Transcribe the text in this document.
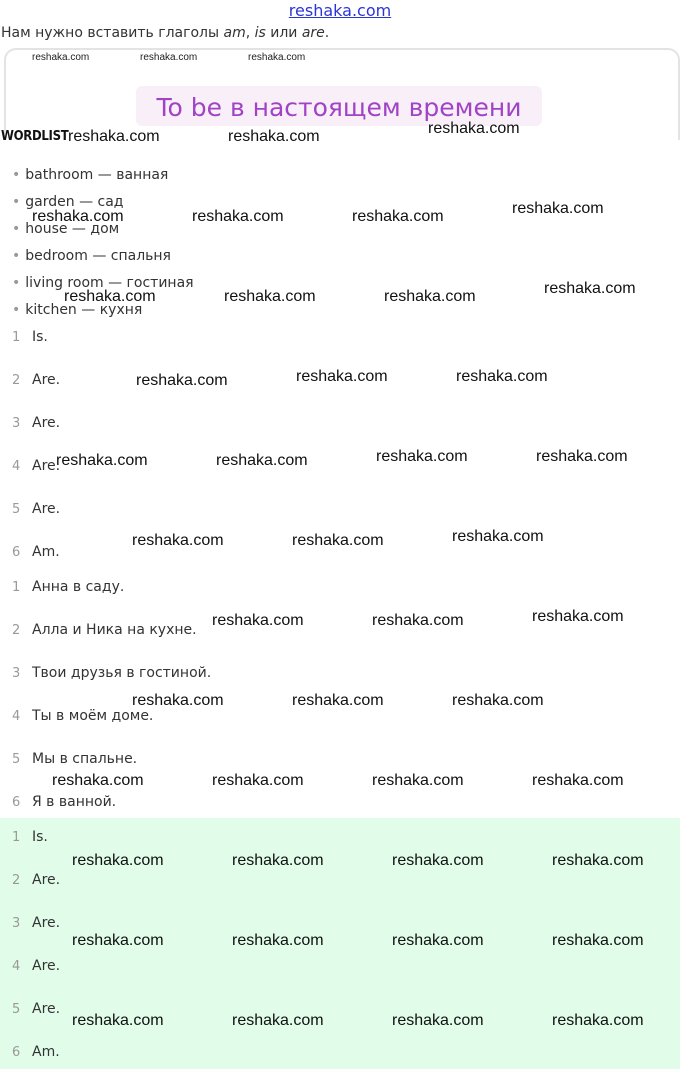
reshaka.com
Нам нужно вставить глаголы am, is или are.
reshaka.com	reshaka.com	reshaka.com
To be в настоящем времени
WORDLIST
• bathroom — ванная
• garden — сад
• house — дом
• bedroom — спальня
• living room — гостиная
• kitchen — кухня
1 Is.
2 Are.
3 Are.
4 Are.
5 Are.
6 Am.
1 Анна в саду.
2 Алла и Ника на кухне.
3 Твои друзья в гостиной.
4 Ты в моём доме.
5 Мы в спальне.
6 Я в ванной.
1 Is.
2 Are.
3 Are.
4 Are.
5 Are.
6 Am.
reshaka.com	reshaka.com	reshaka.com
reshaka.com	reshaka.com	reshaka.com	reshaka.com
reshaka.com	reshaka.com	reshaka.com	reshaka.com
reshaka.com	reshaka.com	reshaka.com
reshaka.com	reshaka.com	reshaka.com	reshaka.com
reshaka.com	reshaka.com	reshaka.com
reshaka.com	reshaka.com	reshaka.com
reshaka.com	reshaka.com	reshaka.com
reshaka.com	reshaka.com	reshaka.com	reshaka.com
reshaka.com	reshaka.com	reshaka.com	reshaka.com
reshaka.com	reshaka.com	reshaka.com	reshaka.com
reshaka.com	reshaka.com	reshaka.com	reshaka.com
